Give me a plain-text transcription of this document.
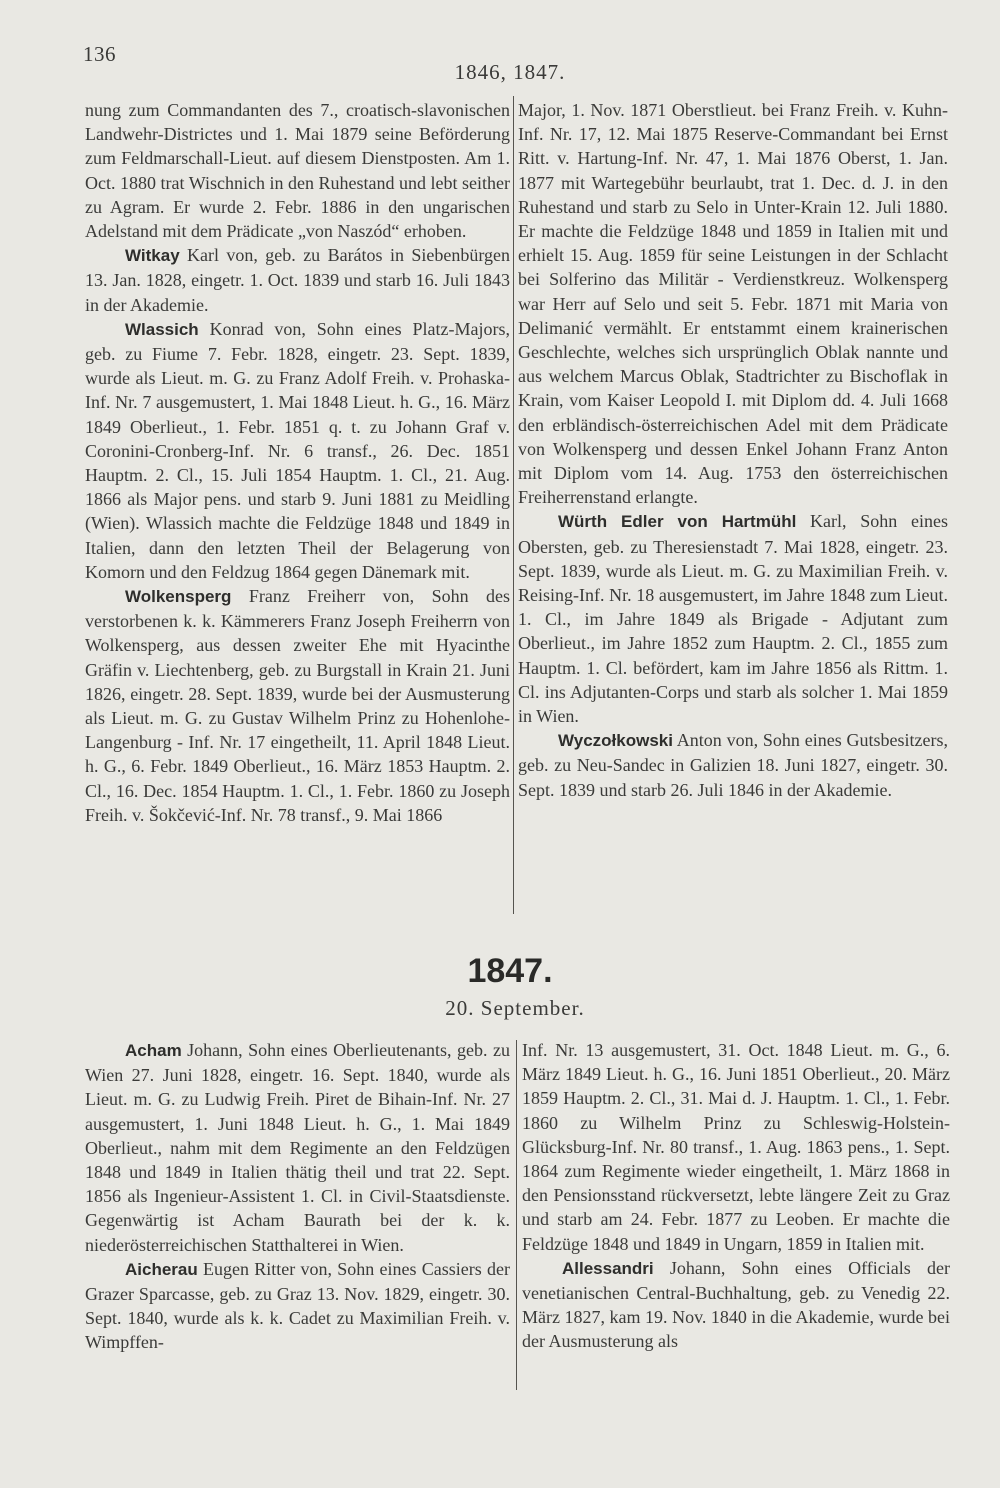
136
1846, 1847.

nung zum Commandanten des 7., croatisch-slavonischen Landwehr-Districtes und 1. Mai 1879 seine Beförderung zum Feldmarschall-Lieut. auf diesem Dienstposten. Am 1. Oct. 1880 trat Wischnich in den Ruhestand und lebt seither zu Agram. Er wurde 2. Febr. 1886 in den ungarischen Adelstand mit dem Prädicate „von Naszód“ erhoben.

Witkay Karl von, geb. zu Barátos in Siebenbürgen 13. Jan. 1828, eingetr. 1. Oct. 1839 und starb 16. Juli 1843 in der Akademie.

Wlassich Konrad von, Sohn eines Platz-Majors, geb. zu Fiume 7. Febr. 1828, eingetr. 23. Sept. 1839, wurde als Lieut. m. G. zu Franz Adolf Freih. v. Prohaska-Inf. Nr. 7 ausgemustert, 1. Mai 1848 Lieut. h. G., 16. März 1849 Oberlieut., 1. Febr. 1851 q. t. zu Johann Graf v. Coronini-Cronberg-Inf. Nr. 6 transf., 26. Dec. 1851 Hauptm. 2. Cl., 15. Juli 1854 Hauptm. 1. Cl., 21. Aug. 1866 als Major pens. und starb 9. Juni 1881 zu Meidling (Wien). Wlassich machte die Feldzüge 1848 und 1849 in Italien, dann den letzten Theil der Belagerung von Komorn und den Feldzug 1864 gegen Dänemark mit.

Wolkensperg Franz Freiherr von, Sohn des verstorbenen k. k. Kämmerers Franz Joseph Freiherrn von Wolkensperg, aus dessen zweiter Ehe mit Hyacinthe Gräfin v. Liechtenberg, geb. zu Burgstall in Krain 21. Juni 1826, eingetr. 28. Sept. 1839, wurde bei der Ausmusterung als Lieut. m. G. zu Gustav Wilhelm Prinz zu Hohenlohe-Langenburg - Inf. Nr. 17 eingetheilt, 11. April 1848 Lieut. h. G., 6. Febr. 1849 Oberlieut., 16. März 1853 Hauptm. 2. Cl., 16. Dec. 1854 Hauptm. 1. Cl., 1. Febr. 1860 zu Joseph Freih. v. Šokčević-Inf. Nr. 78 transf., 9. Mai 1866

Major, 1. Nov. 1871 Oberstlieut. bei Franz Freih. v. Kuhn-Inf. Nr. 17, 12. Mai 1875 Reserve-Commandant bei Ernst Ritt. v. Hartung-Inf. Nr. 47, 1. Mai 1876 Oberst, 1. Jan. 1877 mit Wartegebühr beurlaubt, trat 1. Dec. d. J. in den Ruhestand und starb zu Selo in Unter-Krain 12. Juli 1880. Er machte die Feldzüge 1848 und 1859 in Italien mit und erhielt 15. Aug. 1859 für seine Leistungen in der Schlacht bei Solferino das Militär - Verdienstkreuz. Wolkensperg war Herr auf Selo und seit 5. Febr. 1871 mit Maria von Delimanić vermählt. Er entstammt einem krainerischen Geschlechte, welches sich ursprünglich Oblak nannte und aus welchem Marcus Oblak, Stadtrichter zu Bischoflak in Krain, vom Kaiser Leopold I. mit Diplom dd. 4. Juli 1668 den erbländisch-österreichischen Adel mit dem Prädicate von Wolkensperg und dessen Enkel Johann Franz Anton mit Diplom vom 14. Aug. 1753 den österreichischen Freiherrenstand erlangte.

Würth Edler von Hartmühl Karl, Sohn eines Obersten, geb. zu Theresienstadt 7. Mai 1828, eingetr. 23. Sept. 1839, wurde als Lieut. m. G. zu Maximilian Freih. v. Reising-Inf. Nr. 18 ausgemustert, im Jahre 1848 zum Lieut. 1. Cl., im Jahre 1849 als Brigade - Adjutant zum Oberlieut., im Jahre 1852 zum Hauptm. 2. Cl., 1855 zum Hauptm. 1. Cl. befördert, kam im Jahre 1856 als Rittm. 1. Cl. ins Adjutanten-Corps und starb als solcher 1. Mai 1859 in Wien.

Wyczołkowski Anton von, Sohn eines Gutsbesitzers, geb. zu Neu-Sandec in Galizien 18. Juni 1827, eingetr. 30. Sept. 1839 und starb 26. Juli 1846 in der Akademie.

1847.
20. September.

Acham Johann, Sohn eines Oberlieutenants, geb. zu Wien 27. Juni 1828, eingetr. 16. Sept. 1840, wurde als Lieut. m. G. zu Ludwig Freih. Piret de Bihain-Inf. Nr. 27 ausgemustert, 1. Juni 1848 Lieut. h. G., 1. Mai 1849 Oberlieut., nahm mit dem Regimente an den Feldzügen 1848 und 1849 in Italien thätig theil und trat 22. Sept. 1856 als Ingenieur-Assistent 1. Cl. in Civil-Staatsdienste. Gegenwärtig ist Acham Baurath bei der k. k. niederösterreichischen Statthalterei in Wien.

Aicherau Eugen Ritter von, Sohn eines Cassiers der Grazer Sparcasse, geb. zu Graz 13. Nov. 1829, eingetr. 30. Sept. 1840, wurde als k. k. Cadet zu Maximilian Freih. v. Wimpffen-

Inf. Nr. 13 ausgemustert, 31. Oct. 1848 Lieut. m. G., 6. März 1849 Lieut. h. G., 16. Juni 1851 Oberlieut., 20. März 1859 Hauptm. 2. Cl., 31. Mai d. J. Hauptm. 1. Cl., 1. Febr. 1860 zu Wilhelm Prinz zu Schleswig-Holstein-Glücksburg-Inf. Nr. 80 transf., 1. Aug. 1863 pens., 1. Sept. 1864 zum Regimente wieder eingetheilt, 1. März 1868 in den Pensionsstand rückversetzt, lebte längere Zeit zu Graz und starb am 24. Febr. 1877 zu Leoben. Er machte die Feldzüge 1848 und 1849 in Ungarn, 1859 in Italien mit.

Allessandri Johann, Sohn eines Officials der venetianischen Central-Buchhaltung, geb. zu Venedig 22. März 1827, kam 19. Nov. 1840 in die Akademie, wurde bei der Ausmusterung als
